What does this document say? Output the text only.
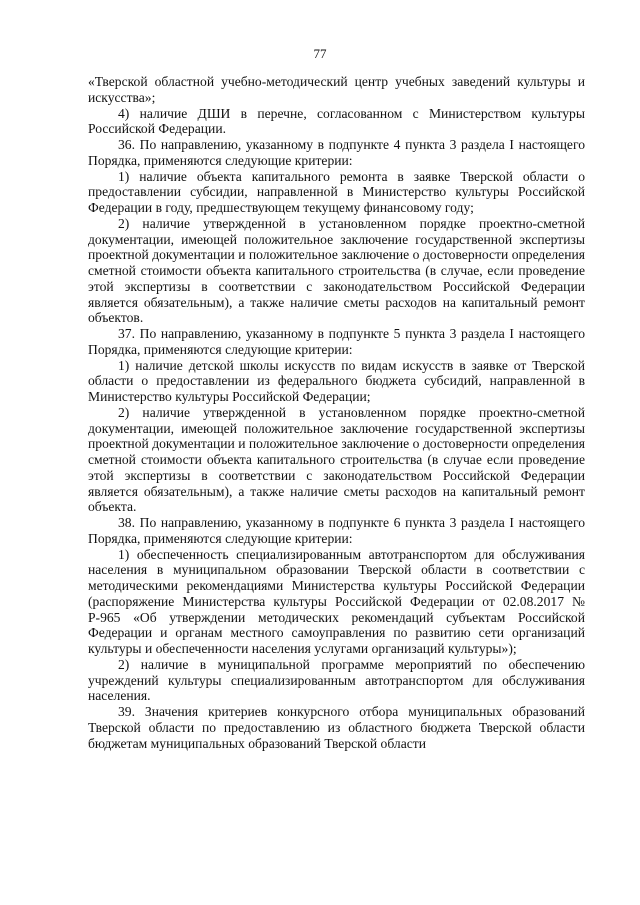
77

«Тверской областной учебно-методический центр учебных заведений культуры и искусства»;

4) наличие ДШИ в перечне, согласованном с Министерством культуры Российской Федерации.

36. По направлению, указанному в подпункте 4 пункта 3 раздела I настоящего Порядка, применяются следующие критерии:

1) наличие объекта капитального ремонта в заявке Тверской области о предоставлении субсидии, направленной в Министерство культуры Российской Федерации в году, предшествующем текущему финансовому году;

2) наличие утвержденной в установленном порядке проектно-сметной документации, имеющей положительное заключение государственной экспертизы проектной документации и положительное заключение о достоверности определения сметной стоимости объекта капитального строительства (в случае, если проведение этой экспертизы в соответствии с законодательством Российской Федерации является обязательным), а также наличие сметы расходов на капитальный ремонт объектов.

37. По направлению, указанному в подпункте 5 пункта 3 раздела I настоящего Порядка, применяются следующие критерии:

1) наличие детской школы искусств по видам искусств в заявке от Тверской области о предоставлении из федерального бюджета субсидий, направленной в Министерство культуры Российской Федерации;

2) наличие утвержденной в установленном порядке проектно-сметной документации, имеющей положительное заключение государственной экспертизы проектной документации и положительное заключение о достоверности определения сметной стоимости объекта капитального строительства (в случае если проведение этой экспертизы в соответствии с законодательством Российской Федерации является обязательным), а также наличие сметы расходов на капитальный ремонт объекта.

38. По направлению, указанному в подпункте 6 пункта 3 раздела I настоящего Порядка, применяются следующие критерии:

1) обеспеченность специализированным автотранспортом для обслуживания населения в муниципальном образовании Тверской области в соответствии с методическими рекомендациями Министерства культуры Российской Федерации (распоряжение Министерства культуры Российской Федерации от 02.08.2017 № Р-965 «Об утверждении методических рекомендаций субъектам Российской Федерации и органам местного самоуправления по развитию сети организаций культуры и обеспеченности населения услугами организаций культуры»);

2) наличие в муниципальной программе мероприятий по обеспечению учреждений культуры специализированным автотранспортом для обслуживания населения.

39. Значения критериев конкурсного отбора муниципальных образований Тверской области по предоставлению из областного бюджета Тверской области бюджетам муниципальных образований Тверской области
